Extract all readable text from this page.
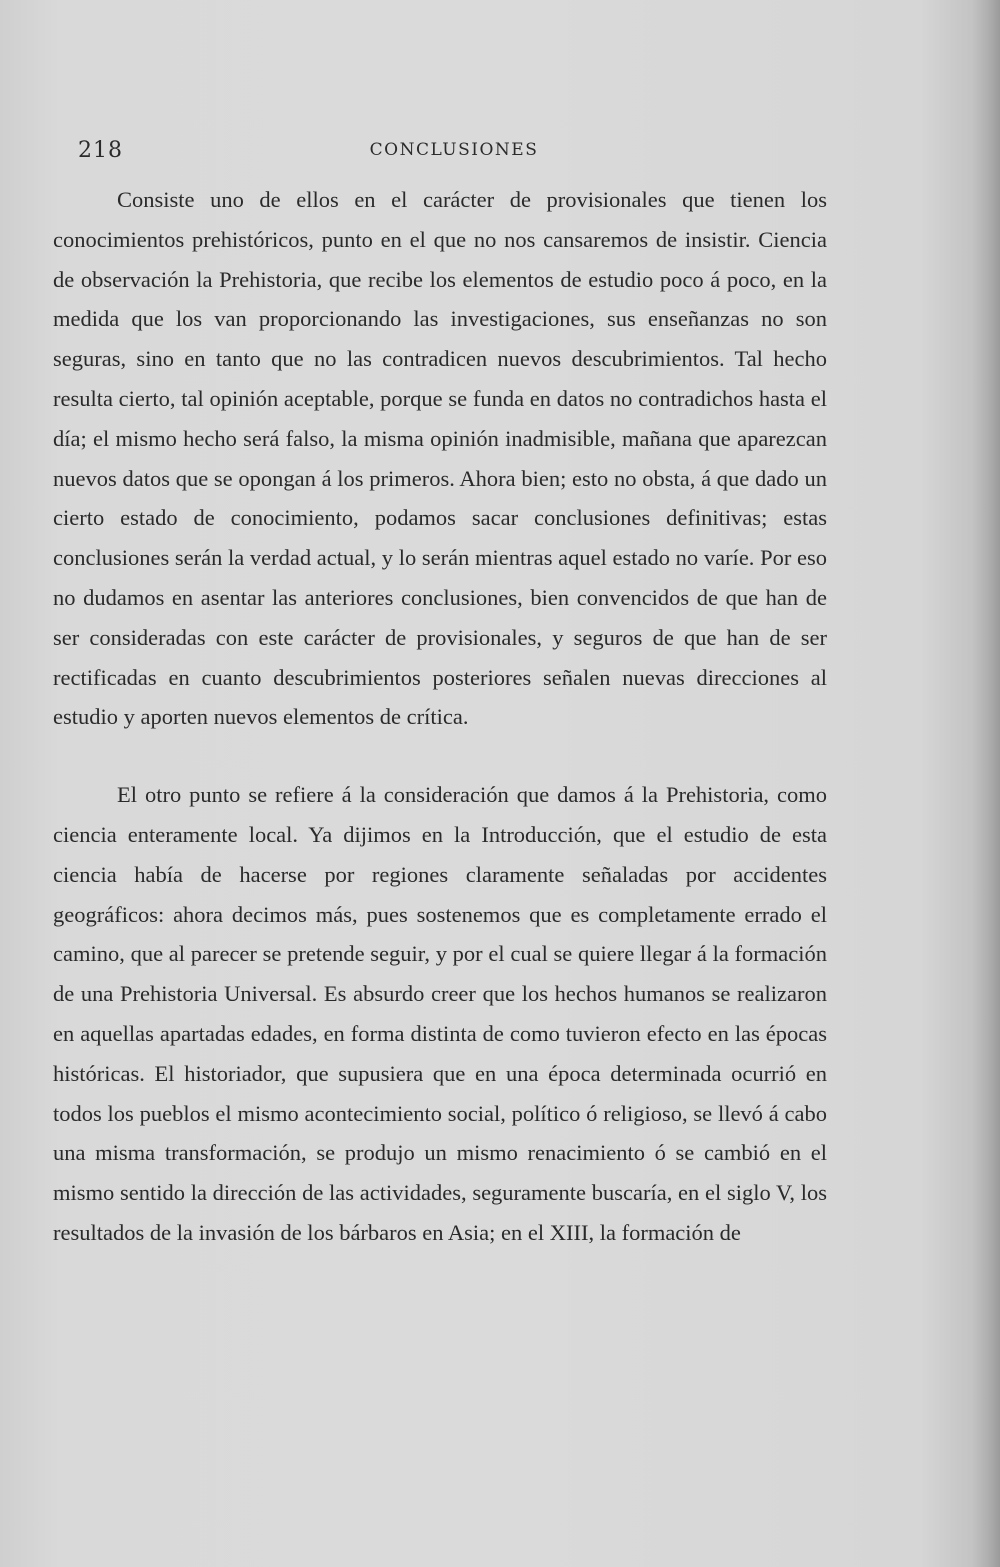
218	CONCLUSIONES

Consiste uno de ellos en el carácter de provisionales que tienen los conocimientos prehistóricos, punto en el que no nos cansaremos de insistir. Ciencia de observación la Prehistoria, que recibe los elementos de estudio poco á poco, en la medida que los van proporcionando las investigaciones, sus enseñanzas no son seguras, sino en tanto que no las contradicen nuevos descubrimientos. Tal hecho resulta cierto, tal opinión aceptable, porque se funda en datos no contradichos hasta el día; el mismo hecho será falso, la misma opinión inadmisible, mañana que aparezcan nuevos datos que se opongan á los primeros. Ahora bien; esto no obsta, á que dado un cierto estado de conocimiento, podamos sacar conclusiones definitivas; estas conclusiones serán la verdad actual, y lo serán mientras aquel estado no varíe. Por eso no dudamos en asentar las anteriores conclusiones, bien convencidos de que han de ser consideradas con este carácter de provisionales, y seguros de que han de ser rectificadas en cuanto descubrimientos posteriores señalen nuevas direcciones al estudio y aporten nuevos elementos de crítica.

El otro punto se refiere á la consideración que damos á la Prehistoria, como ciencia enteramente local. Ya dijimos en la Introducción, que el estudio de esta ciencia había de hacerse por regiones claramente señaladas por accidentes geográficos: ahora decimos más, pues sostenemos que es completamente errado el camino, que al parecer se pretende seguir, y por el cual se quiere llegar á la formación de una Prehistoria Universal. Es absurdo creer que los hechos humanos se realizaron en aquellas apartadas edades, en forma distinta de como tuvieron efecto en las épocas históricas. El historiador, que supusiera que en una época determinada ocurrió en todos los pueblos el mismo acontecimiento social, político ó religioso, se llevó á cabo una misma transformación, se produjo un mismo renacimiento ó se cambió en el mismo sentido la dirección de las actividades, seguramente buscaría, en el siglo V, los resultados de la invasión de los bárbaros en Asia; en el XIII, la formación de
